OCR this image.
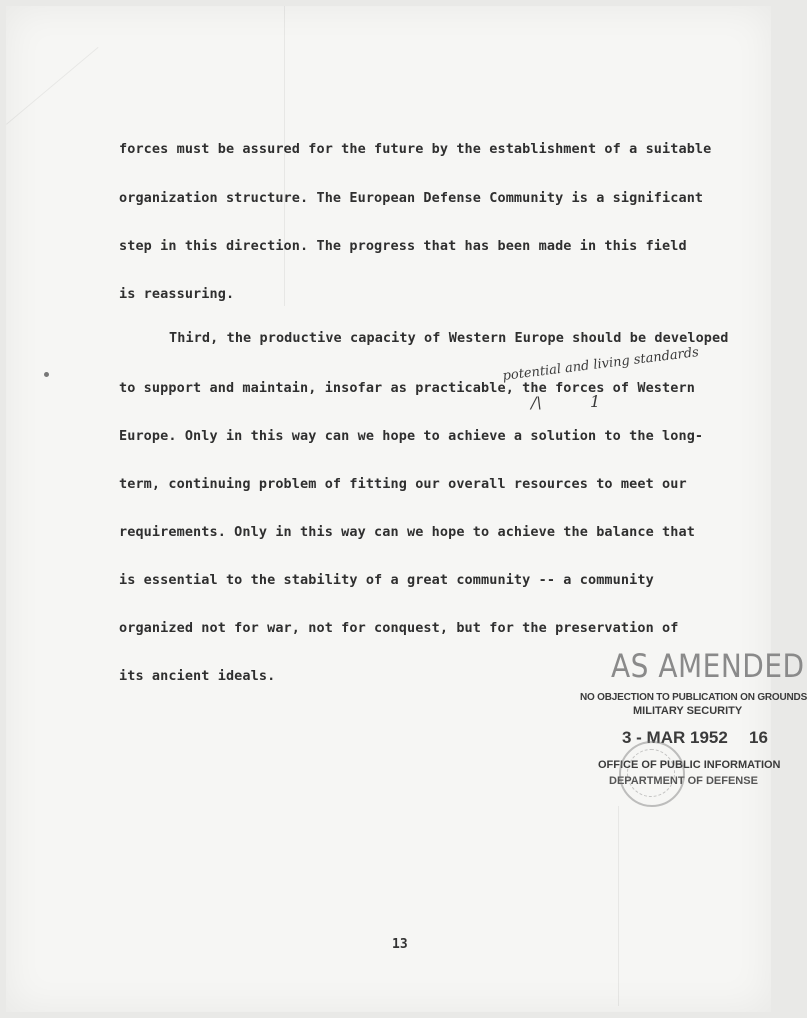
forces must be assured for the future by the establishment of a suitable
organization structure. The European Defense Community is a significant
step in this direction. The progress that has been made in this field
is reassuring.
Third, the productive capacity of Western Europe should be developed
to support and maintain, insofar as practicable, the forces of Western
Europe. Only in this way can we hope to achieve a solution to the long-
term, continuing problem of fitting our overall resources to meet our
requirements. Only in this way can we hope to achieve the balance that
is essential to the stability of a great community -- a community
organized not for war, not for conquest, but for the preservation of
its ancient ideals.
potential and living standards
/\	1
AS AMENDED
NO OBJECTION TO PUBLICATION ON GROUNDS
MILITARY SECURITY
3 - MAR 1952 16
OFFICE OF PUBLIC INFORMATION
DEPARTMENT OF DEFENSE
13
